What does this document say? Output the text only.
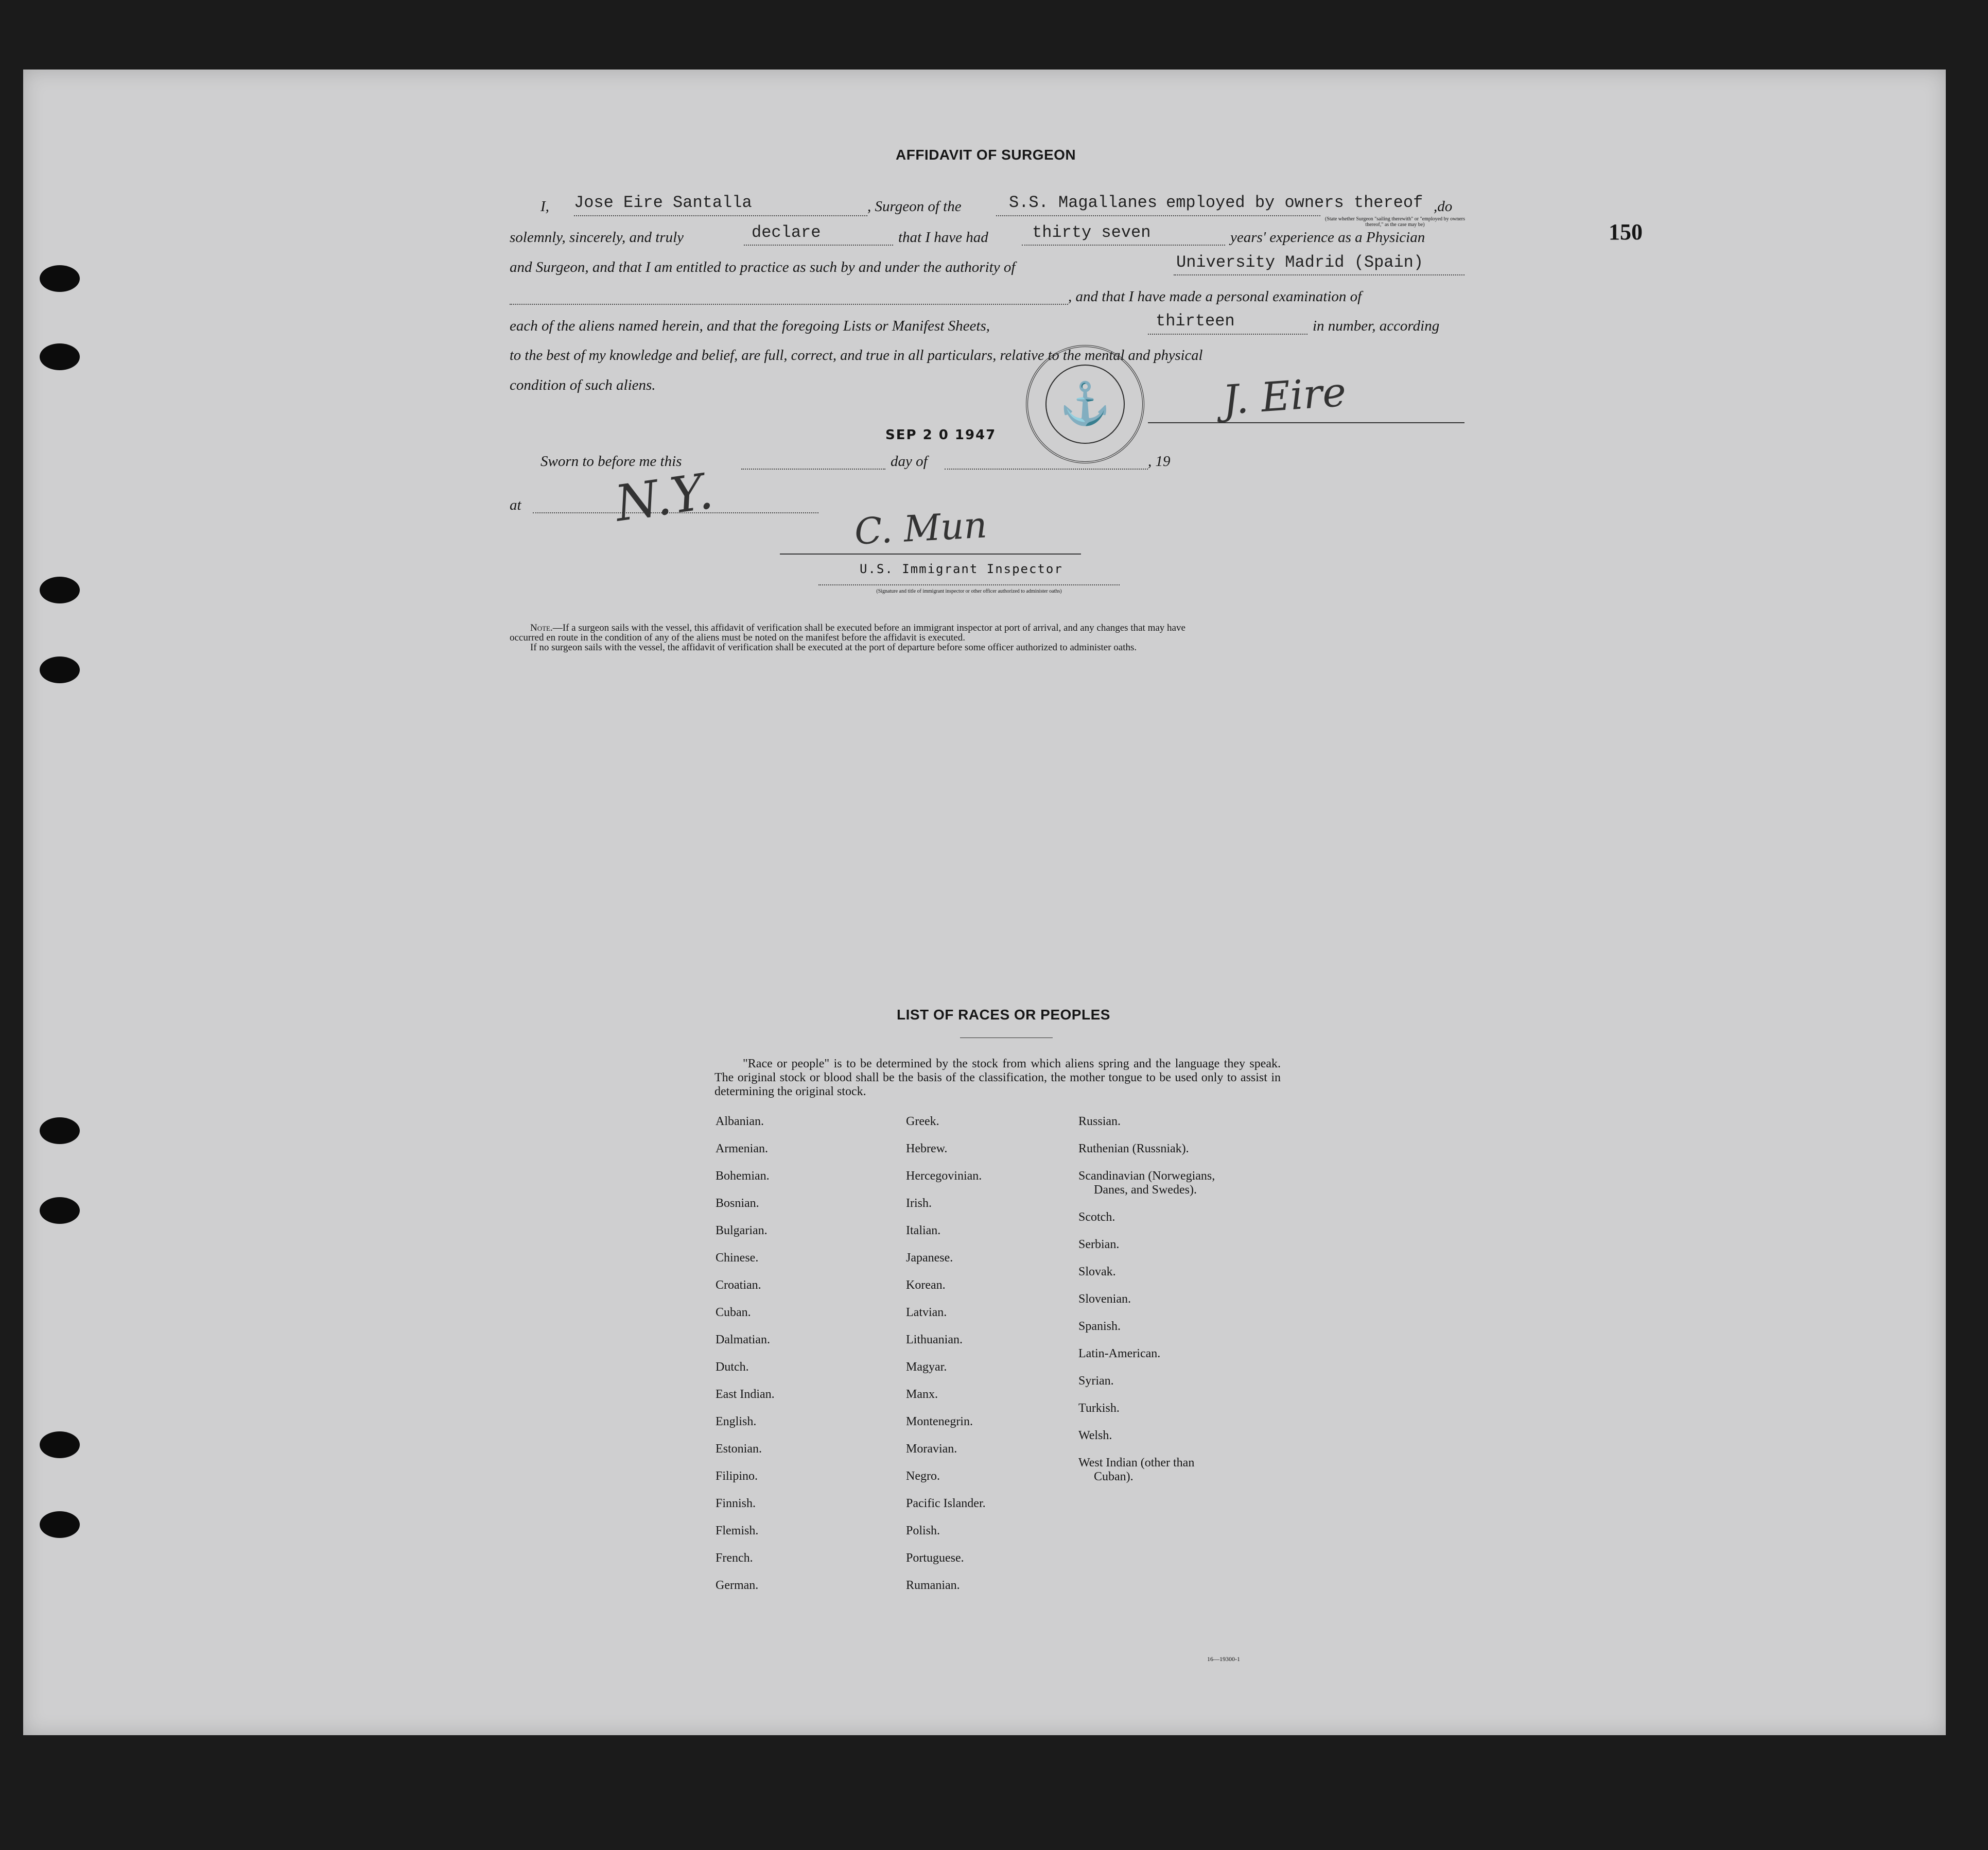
150
AFFIDAVIT OF SURGEON
I, Jose Eire Santalla	, Surgeon of the	S.S. Magallanes employed by owners thereof ,do
(State whether Surgeon "sailing therewith" or "employed by owners thereof," as the case may be)
solemnly, sincerely, and truly	declare	that I have had	thirty seven	years' experience as a Physician
and Surgeon, and that I am entitled to practice as such by and under the authority of	University Madrid (Spain)
, and that I have made a personal examination of
each of the aliens named herein, and that the foregoing Lists or Manifest Sheets,	thirteen	in number, according
to the best of my knowledge and belief, are full, correct, and true in all particulars, relative to the mental and physical
condition of such aliens.	⚓	J. Eire
SEP 2 0 1947
Sworn to before me this	day of	, 19
at N.Y.	C. Mun
U.S. Immigrant Inspector
(Signature and title of immigrant inspector or other officer authorized to administer oaths)
Note.—If a surgeon sails with the vessel, this affidavit of verification shall be executed before an immigrant inspector at port of arrival, and any changes that may have
occurred en route in the condition of any of the aliens must be noted on the manifest before the affidavit is executed.
If no surgeon sails with the vessel, the affidavit of verification shall be executed at the port of departure before some officer authorized to administer oaths.
LIST OF RACES OR PEOPLES
"Race or people" is to be determined by the stock from which aliens spring and the language they speak. The original stock or blood shall be the basis of the classification, the mother tongue to be used only to assist in determining the original stock.
Albanian.
Armenian.
Bohemian.
Bosnian.
Bulgarian.
Chinese.
Croatian.
Cuban.
Dalmatian.
Dutch.
East Indian.
English.
Estonian.
Filipino.
Finnish.
Flemish.
French.
German.
Greek.
Hebrew.
Hercegovinian.
Irish.
Italian.
Japanese.
Korean.
Latvian.
Lithuanian.
Magyar.
Manx.
Montenegrin.
Moravian.
Negro.
Pacific Islander.
Polish.
Portuguese.
Rumanian.
Russian.
Ruthenian (Russniak).
Scandinavian (Norwegians,
Danes, and Swedes).
Scotch.
Serbian.
Slovak.
Slovenian.
Spanish.
Latin-American.
Syrian.
Turkish.
Welsh.
West Indian (other than
Cuban).
16—19300-1
